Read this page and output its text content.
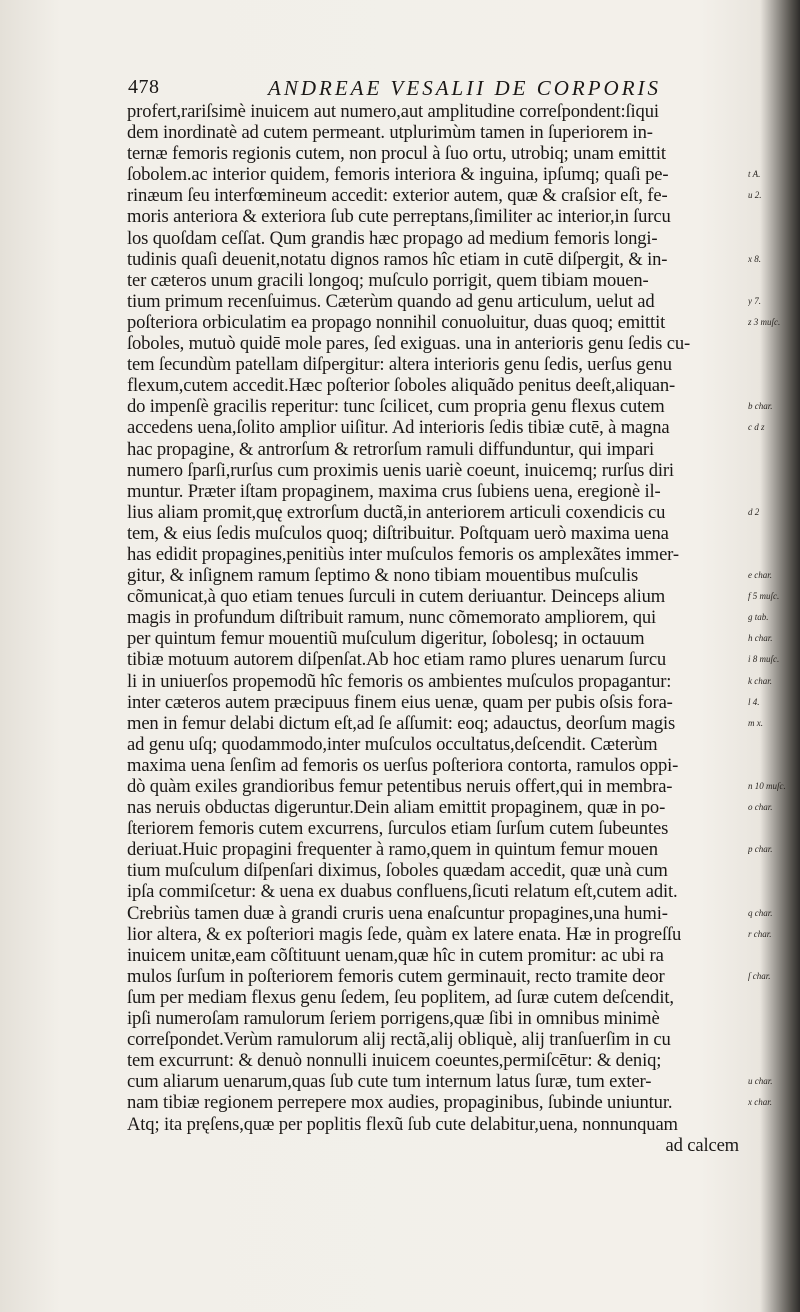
478	ANDREAE VESALII DE CORPORIS
profert,rariſsimè inuicem aut numero,aut amplitudine correſpondent:ſiqui
dem inordinatè ad cutem permeant. utplurimùm tamen in ſuperiorem in-
ternæ femoris regionis cutem, non procul à ſuo ortu, utrobiq; unam emittit
ſobolem.ac interior quidem, femoris interiora & inguina, ipſumq; quaſi pe-
rinæum ſeu interfœmineum accedit: exterior autem, quæ & craſsior eſt, fe-
moris anteriora & exteriora ſub cute perreptans,ſimiliter ac interior,in ſurcu
los quoſdam ceſſat. Qum grandis hæc propago ad medium femoris longi-
tudinis quaſi deuenit,notatu dignos ramos hîc etiam in cutē diſpergit, & in-
ter cæteros unum gracili longoq; muſculo porrigit, quem tibiam mouen-
tium primum recenſuimus. Cæterùm quando ad genu articulum, uelut ad
poſteriora orbiculatim ea propago nonnihil conuoluitur, duas quoq; emittit
ſoboles, mutuò quidē mole pares, ſed exiguas. una in anterioris genu ſedis cu-
tem ſecundùm patellam diſpergitur: altera interioris genu ſedis, uerſus genu
flexum,cutem accedit.Hæc poſterior ſoboles aliquãdo penitus deeſt,aliquan-
do impenſè gracilis reperitur: tunc ſcilicet, cum propria genu flexus cutem
accedens uena,ſolito amplior uiſitur. Ad interioris ſedis tibiæ cutē, à magna
hac propagine, & antrorſum & retrorſum ramuli diffunduntur, qui impari
numero ſparſi,rurſus cum proximis uenis uariè coeunt, inuicemq; rurſus diri
muntur. Præter iſtam propaginem, maxima crus ſubiens uena, eregionè il-
lius aliam promit,quę extrorſum ductã,in anteriorem articuli coxendicis cu
tem, & eius ſedis muſculos quoq; diſtribuitur. Poſtquam uerò maxima uena
has edidit propagines,penitiùs inter muſculos femoris os amplexãtes immer-
gitur, & inſignem ramum ſeptimo & nono tibiam mouentibus muſculis
cõmunicat,à quo etiam tenues ſurculi in cutem deriuantur. Deinceps alium
magis in profundum diſtribuit ramum, nunc cõmemorato ampliorem, qui
per quintum femur mouentiũ muſculum digeritur, ſobolesq; in octauum
tibiæ motuum autorem diſpenſat.Ab hoc etiam ramo plures uenarum ſurcu
li in uniuerſos propemodũ hîc femoris os ambientes muſculos propagantur:
inter cæteros autem præcipuus finem eius uenæ, quam per pubis oſsis fora-
men in femur delabi dictum eſt,ad ſe aſſumit: eoq; adauctus, deorſum magis
ad genu uſq; quodammodo,inter muſculos occultatus,deſcendit. Cæterùm
maxima uena ſenſim ad femoris os uerſus poſteriora contorta, ramulos oppi-
dò quàm exiles grandioribus femur petentibus neruis offert,qui in membra-
nas neruis obductas digeruntur.Dein aliam emittit propaginem, quæ in po-
ſteriorem femoris cutem excurrens, ſurculos etiam ſurſum cutem ſubeuntes
deriuat.Huic propagini frequenter à ramo,quem in quintum femur mouen
tium muſculum diſpenſari diximus, ſoboles quædam accedit, quæ unà cum
ipſa commiſcetur: & uena ex duabus confluens,ſicuti relatum eſt,cutem adit.
Crebriùs tamen duæ à grandi cruris uena enaſcuntur propagines,una humi-
lior altera, & ex poſteriori magis ſede, quàm ex latere enata. Hæ in progreſſu
inuicem unitæ,eam cõſtituunt uenam,quæ hîc in cutem promitur: ac ubi ra
mulos ſurſum in poſteriorem femoris cutem germinauit, recto tramite deor
ſum per mediam flexus genu ſedem, ſeu poplitem, ad ſuræ cutem deſcendit,
ipſi numeroſam ramulorum ſeriem porrigens,quæ ſibi in omnibus minimè
correſpondet.Verùm ramulorum alij rectã,alij obliquè, alij tranſuerſim in cu
tem excurrunt: & denuò nonnulli inuicem coeuntes,permiſcētur: & deniq;
cum aliarum uenarum,quas ſub cute tum internum latus ſuræ, tum exter-
nam tibiæ regionem perrepere mox audies, propaginibus, ſubinde uniuntur.
Atq; ita pręſens,quæ per poplitis flexũ ſub cute delabitur,uena, nonnunquam
ad calcem
t A.
u 2.
x 8.
y 7.
z 3 muſc.
b char.
c d z
d 2
e char.
f 5 muſc.
g tab.
h char.
i 8 muſc.
k char.
l 4.
m x.
n 10 muſc.
o char.
p char.
q char.
r char.
ſ char.
u char.
x char.
